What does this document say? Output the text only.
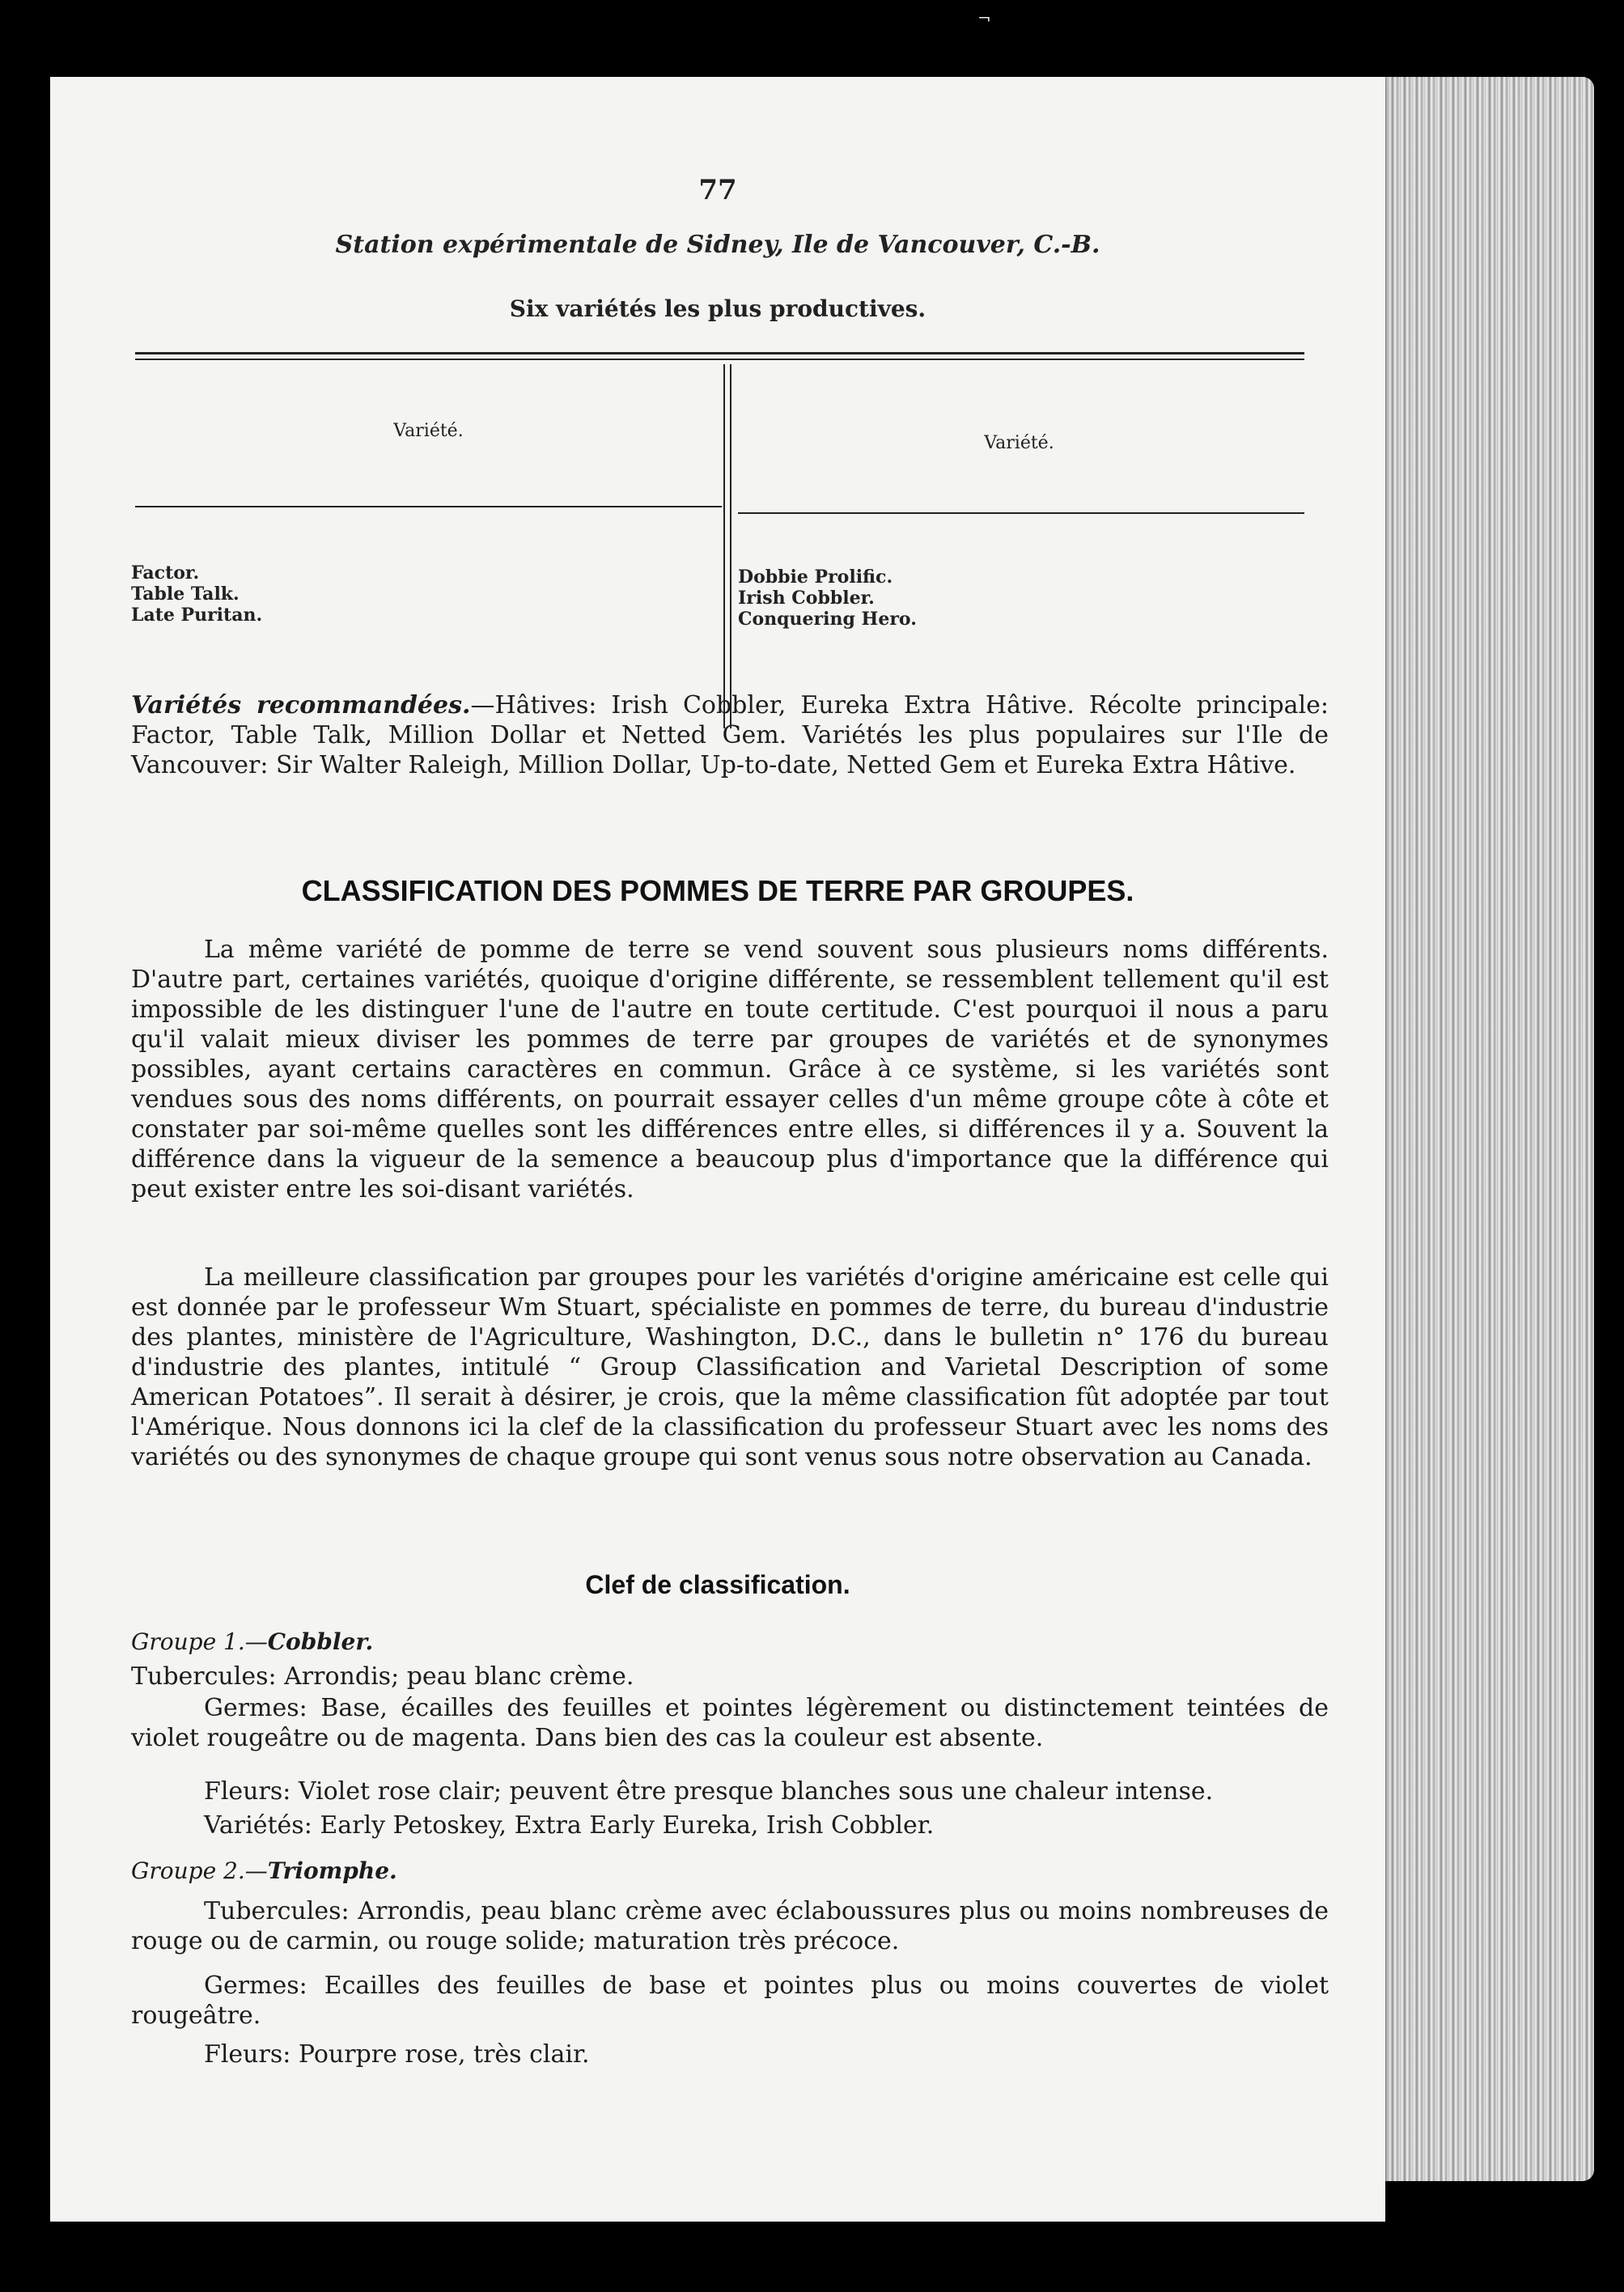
¬
77
Station expérimentale de Sidney, Ile de Vancouver, C.-B.
Six variétés les plus productives.
Variété.
Variété.
Factor.
Table Talk.
Late Puritan.
Dobbie Prolific.
Irish Cobbler.
Conquering Hero.
Variétés recommandées.—Hâtives: Irish Cobbler, Eureka Extra Hâtive. Récolte principale: Factor, Table Talk, Million Dollar et Netted Gem. Variétés les plus populaires sur l'Ile de Vancouver: Sir Walter Raleigh, Million Dollar, Up-to-date, Netted Gem et Eureka Extra Hâtive.
CLASSIFICATION DES POMMES DE TERRE PAR GROUPES.
La même variété de pomme de terre se vend souvent sous plusieurs noms différents. D'autre part, certaines variétés, quoique d'origine différente, se ressemblent tellement qu'il est impossible de les distinguer l'une de l'autre en toute certitude. C'est pourquoi il nous a paru qu'il valait mieux diviser les pommes de terre par groupes de variétés et de synonymes possibles, ayant certains caractères en commun. Grâce à ce système, si les variétés sont vendues sous des noms différents, on pourrait essayer celles d'un même groupe côte à côte et constater par soi-même quelles sont les différences entre elles, si différences il y a. Souvent la différence dans la vigueur de la semence a beaucoup plus d'importance que la différence qui peut exister entre les soi-disant variétés.
La meilleure classification par groupes pour les variétés d'origine américaine est celle qui est donnée par le professeur Wm Stuart, spécialiste en pommes de terre, du bureau d'industrie des plantes, ministère de l'Agriculture, Washington, D.C., dans le bulletin n° 176 du bureau d'industrie des plantes, intitulé “ Group Classification and Varietal Description of some American Potatoes”. Il serait à désirer, je crois, que la même classification fût adoptée par tout l'Amérique. Nous donnons ici la clef de la classification du professeur Stuart avec les noms des variétés ou des synonymes de chaque groupe qui sont venus sous notre observation au Canada.
Clef de classification.
Groupe 1.—Cobbler.
Tubercules: Arrondis; peau blanc crème.
Germes: Base, écailles des feuilles et pointes légèrement ou distinctement teintées de violet rougeâtre ou de magenta. Dans bien des cas la couleur est absente.
Fleurs: Violet rose clair; peuvent être presque blanches sous une chaleur intense.
Variétés: Early Petoskey, Extra Early Eureka, Irish Cobbler.
Groupe 2.—Triomphe.
Tubercules: Arrondis, peau blanc crème avec éclaboussures plus ou moins nombreuses de rouge ou de carmin, ou rouge solide; maturation très précoce.
Germes: Ecailles des feuilles de base et pointes plus ou moins couvertes de violet rougeâtre.
Fleurs: Pourpre rose, très clair.
